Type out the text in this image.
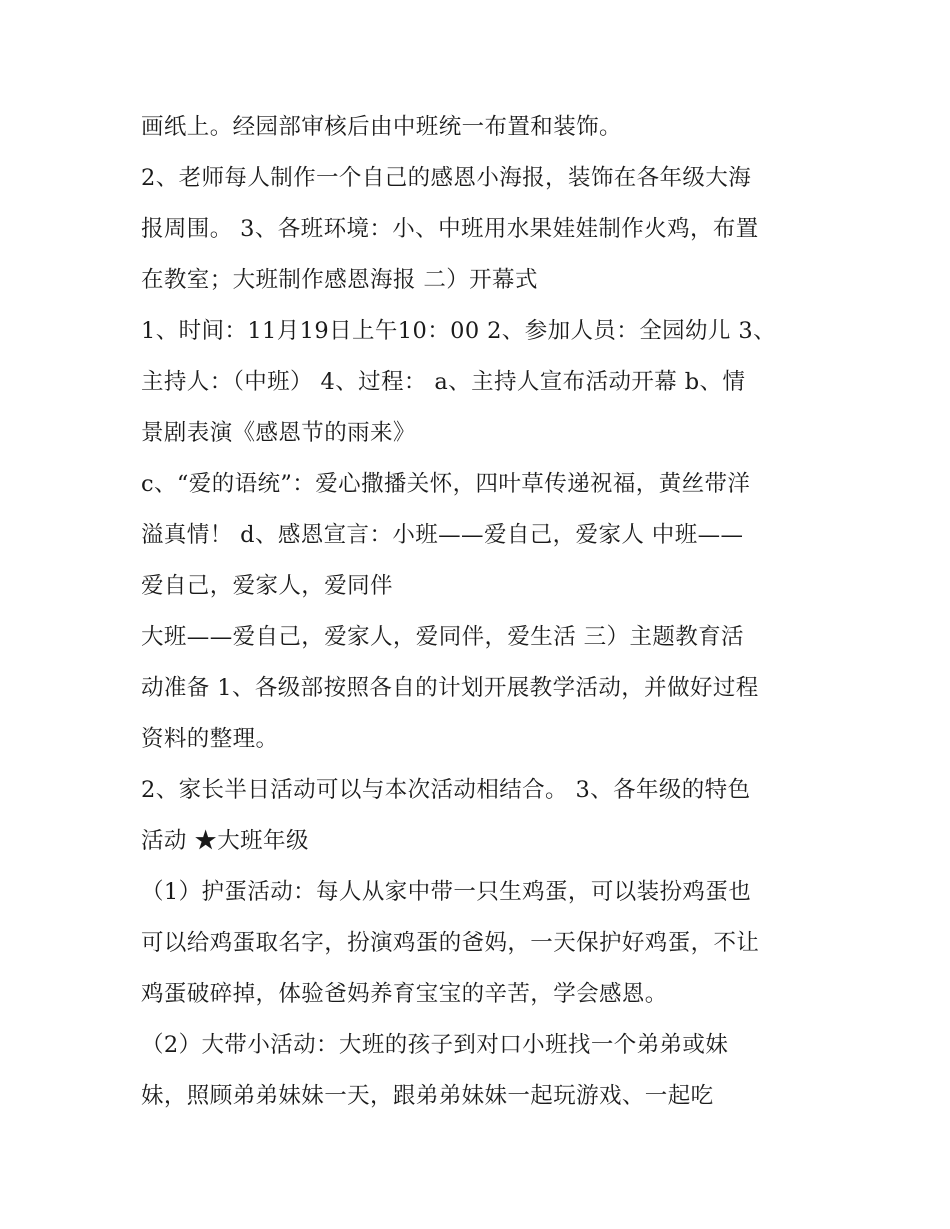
画纸上。经园部审核后由中班统一布置和装饰。
2、老师每人制作一个自己的感恩小海报，装饰在各年级大海
报周围。 3、各班环境：小、中班用水果娃娃制作火鸡，布置
在教室；大班制作感恩海报 二）开幕式
1、时间：11月19日上午10：00 2、参加人员：全园幼儿 3、
主持人：（中班） 4、过程： a、主持人宣布活动开幕 b、情
景剧表演《感恩节的雨来》
c、“爱的语统”：爱心撒播关怀，四叶草传递祝福，黄丝带洋
溢真情！ d、感恩宣言：小班——爱自己，爱家人 中班——
爱自己，爱家人，爱同伴
大班——爱自己，爱家人，爱同伴，爱生活 三）主题教育活
动准备 1、各级部按照各自的计划开展教学活动，并做好过程
资料的整理。
2、家长半日活动可以与本次活动相结合。 3、各年级的特色
活动 ★大班年级
（1）护蛋活动：每人从家中带一只生鸡蛋，可以装扮鸡蛋也
可以给鸡蛋取名字，扮演鸡蛋的爸妈，一天保护好鸡蛋，不让
鸡蛋破碎掉，体验爸妈养育宝宝的辛苦，学会感恩。
（2）大带小活动：大班的孩子到对口小班找一个弟弟或妹
妹，照顾弟弟妹妹一天，跟弟弟妹妹一起玩游戏、一起吃
